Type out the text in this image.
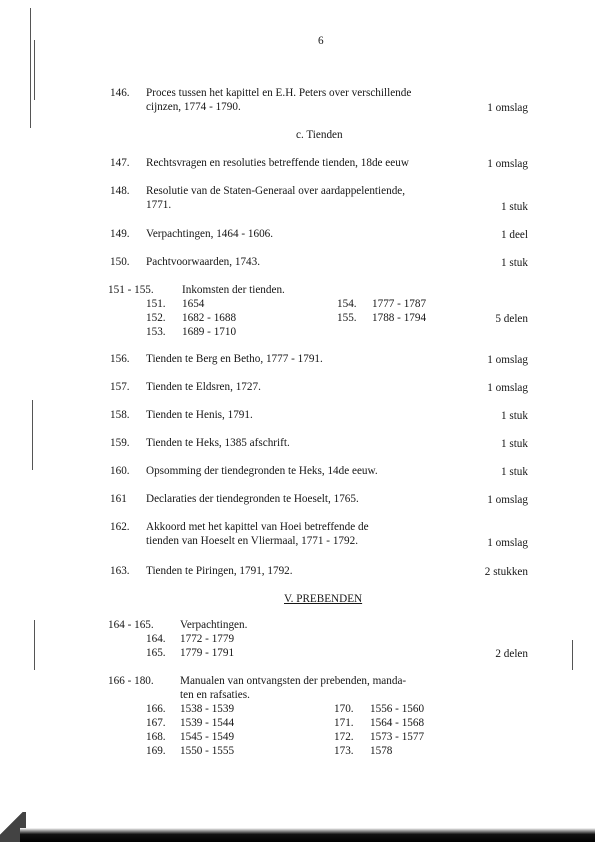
6
146. Proces tussen het kapittel en E.H. Peters over verschillende
cijnzen, 1774 - 1790.	1 omslag
c. Tienden
147. Rechtsvragen en resoluties betreffende tienden, 18de eeuw	1 omslag
148. Resolutie van de Staten-Generaal over aardappelentiende,
1771.	1 stuk
149. Verpachtingen, 1464 - 1606.	1 deel
150. Pachtvoorwaarden, 1743.	1 stuk
151 - 155.	Inkomsten der tienden.
151. 1654	154. 1777 - 1787
152. 1682 - 1688	155. 1788 - 1794	5 delen
153. 1689 - 1710
156. Tienden te Berg en Betho, 1777 - 1791.	1 omslag
157. Tienden te Eldsren, 1727.	1 omslag
158. Tienden te Henis, 1791.	1 stuk
159. Tienden te Heks, 1385 afschrift.	1 stuk
160. Opsomming der tiendegronden te Heks, 14de eeuw.	1 stuk
161 Declaraties der tiendegronden te Hoeselt, 1765.	1 omslag
162. Akkoord met het kapittel van Hoei betreffende de
tienden van Hoeselt en Vliermaal, 1771 - 1792.	1 omslag
163. Tienden te Piringen, 1791, 1792.	2 stukken
V. PREBENDEN
164 - 165. Verpachtingen.
164. 1772 - 1779
165. 1779 - 1791	2 delen
166 - 180. Manualen van ontvangsten der prebenden, manda-
ten en rafsaties.
166. 1538 - 1539	170. 1556 - 1560
167. 1539 - 1544	171. 1564 - 1568
168. 1545 - 1549	172. 1573 - 1577
169. 1550 - 1555	173. 1578
